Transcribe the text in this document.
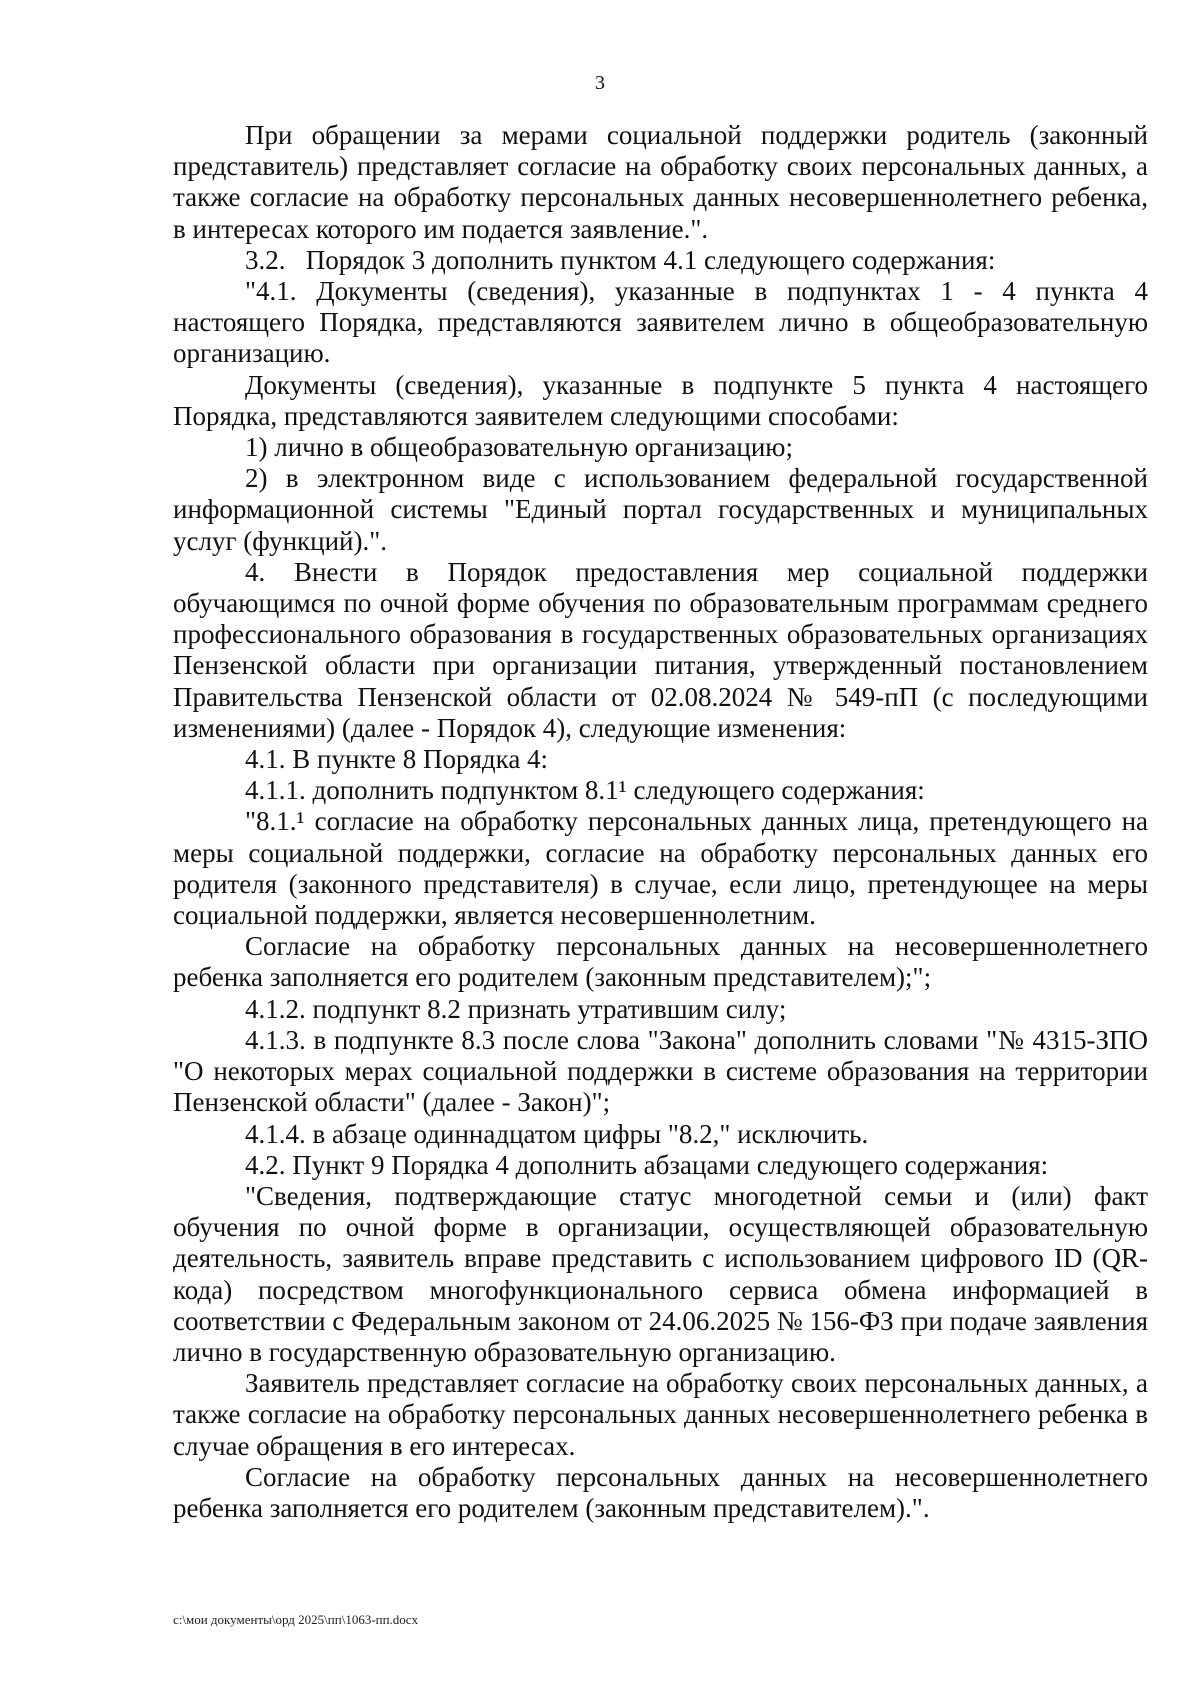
3

При обращении за мерами социальной поддержки родитель (законный представитель) представляет согласие на обработку своих персональных данных, а также согласие на обработку персональных данных несовершеннолетнего ребенка, в интересах которого им подается заявление.".

3.2.   Порядок 3 дополнить пунктом 4.1 следующего содержания:

"4.1. Документы (сведения), указанные в подпунктах 1 - 4 пункта 4 настоящего Порядка, представляются заявителем лично в общеобразовательную организацию.

Документы (сведения), указанные в подпункте 5 пункта 4 настоящего Порядка, представляются заявителем следующими способами:

1) лично в общеобразовательную организацию;

2) в электронном виде с использованием федеральной государственной информационной системы "Единый портал государственных и муниципальных услуг (функций).".

4. Внести в Порядок предоставления мер социальной поддержки обучающимся по очной форме обучения по образовательным программам среднего профессионального образования в государственных образовательных организациях Пензенской области при организации питания, утвержденный постановлением Правительства Пензенской области от 02.08.2024 № 549-пП (с последующими изменениями) (далее - Порядок 4), следующие изменения:

4.1. В пункте 8 Порядка 4:

4.1.1. дополнить подпунктом 8.1¹ следующего содержания:

"8.1.¹ согласие на обработку персональных данных лица, претендующего на меры социальной поддержки, согласие на обработку персональных данных его родителя (законного представителя) в случае, если лицо, претендующее на меры социальной поддержки, является несовершеннолетним.

Согласие на обработку персональных данных на несовершеннолетнего ребенка заполняется его родителем (законным представителем);";

4.1.2. подпункт 8.2 признать утратившим силу;

4.1.3. в подпункте 8.3 после слова "Закона" дополнить словами "№ 4315-ЗПО "О некоторых мерах социальной поддержки в системе образования на территории Пензенской области" (далее - Закон)";

4.1.4. в абзаце одиннадцатом цифры "8.2," исключить.

4.2. Пункт 9 Порядка 4 дополнить абзацами следующего содержания:

"Сведения, подтверждающие статус многодетной семьи и (или) факт обучения по очной форме в организации, осуществляющей образовательную деятельность, заявитель вправе представить с использованием цифрового ID (QR-кода) посредством многофункционального сервиса обмена информацией в соответствии с Федеральным законом от 24.06.2025 № 156-ФЗ при подаче заявления лично в государственную образовательную организацию.

Заявитель представляет согласие на обработку своих персональных данных, а также согласие на обработку персональных данных несовершеннолетнего ребенка в случае обращения в его интересах.

Согласие на обработку персональных данных на несовершеннолетнего ребенка заполняется его родителем (законным представителем).".

c:\мои документы\орд 2025\пп\1063-пп.docx
